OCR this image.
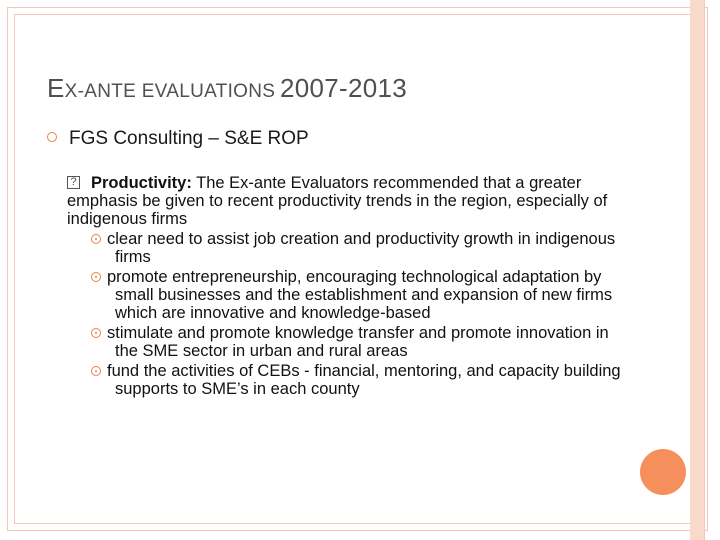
EX-ANTE EVALUATIONS 2007-2013
FGS Consulting – S&E ROP
? Productivity: The Ex-ante Evaluators recommended that a greater emphasis be given to recent productivity trends in the region, especially of indigenous firms

clear need to assist job creation and productivity growth in indigenous firms
promote entrepreneurship, encouraging technological adaptation by small businesses and the establishment and expansion of new firms which are innovative and knowledge-based
stimulate and promote knowledge transfer and promote innovation in the SME sector in urban and rural areas
fund the activities of CEBs - financial, mentoring, and capacity building supports to SME’s in each county
